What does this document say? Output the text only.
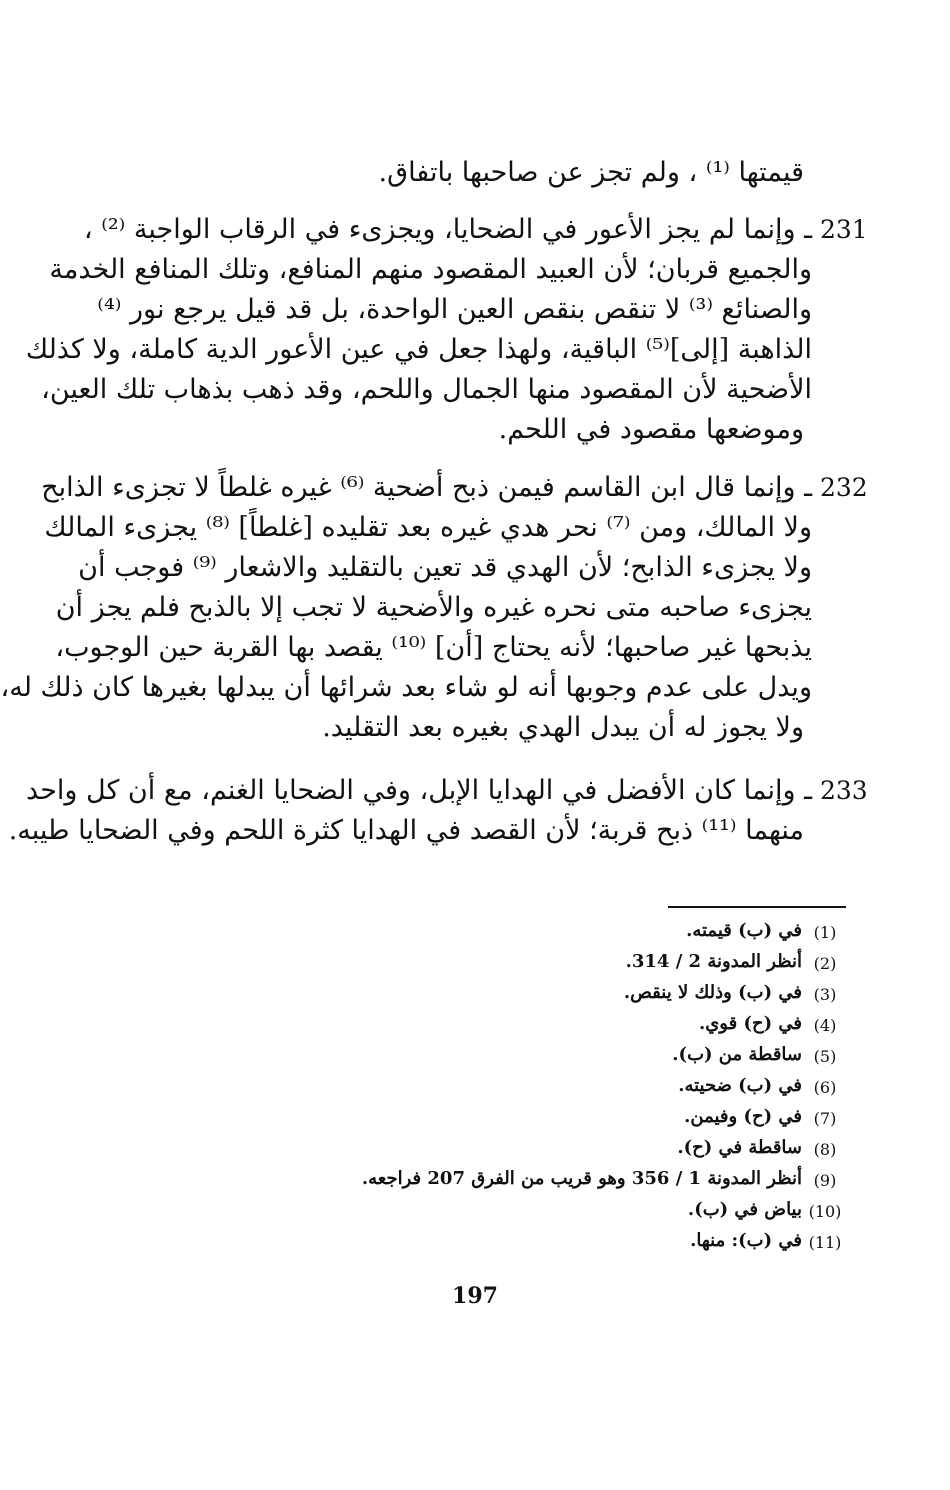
قيمتها ⁽¹⁾ ، ولم تجز عن صاحبها باتفاق.
231
ـ وإنما لم يجز الأعور في الضحايا، ويجزىء في الرقاب الواجبة ⁽²⁾ ،
والجميع قربان؛ لأن العبيد المقصود منهم المنافع، وتلك المنافع الخدمة
والصنائع ⁽³⁾ لا تنقص بنقص العين الواحدة، بل قد قيل يرجع نور ⁽⁴⁾
الذاهبة [إلى]⁽⁵⁾ الباقية، ولهذا جعل في عين الأعور الدية كاملة، ولا كذلك
الأضحية لأن المقصود منها الجمال واللحم، وقد ذهب بذهاب تلك العين،
وموضعها مقصود في اللحم.
232
ـ وإنما قال ابن القاسم فيمن ذبح أضحية ⁽⁶⁾ غيره غلطاً لا تجزىء الذابح
ولا المالك، ومن ⁽⁷⁾ نحر هدي غيره بعد تقليده [غلطاً] ⁽⁸⁾ يجزىء المالك
ولا يجزىء الذابح؛ لأن الهدي قد تعين بالتقليد والاشعار ⁽⁹⁾ فوجب أن
يجزىء صاحبه متى نحره غيره والأضحية لا تجب إلا بالذبح فلم يجز أن
يذبحها غير صاحبها؛ لأنه يحتاج [أن] ⁽¹⁰⁾ يقصد بها القربة حين الوجوب،
ويدل على عدم وجوبها أنه لو شاء بعد شرائها أن يبدلها بغيرها كان ذلك له،
ولا يجوز له أن يبدل الهدي بغيره بعد التقليد.
233
ـ وإنما كان الأفضل في الهدايا الإبل، وفي الضحايا الغنم، مع أن كل واحد
منهما ⁽¹¹⁾ ذبح قربة؛ لأن القصد في الهدايا كثرة اللحم وفي الضحايا طيبه.
(1)
في (ب) قيمته.
(2)
أنظر المدونة 2 / 314.
(3)
في (ب) وذلك لا ينقص.
(4)
في (ح) قوي.
(5)
ساقطة من (ب).
(6)
في (ب) ضحيته.
(7)
في (ح) وفيمن.
(8)
ساقطة في (ح).
(9)
أنظر المدونة 1 / 356 وهو قريب من الفرق 207 فراجعه.
(10)
بياض في (ب).
(11)
في (ب): منها.
197
